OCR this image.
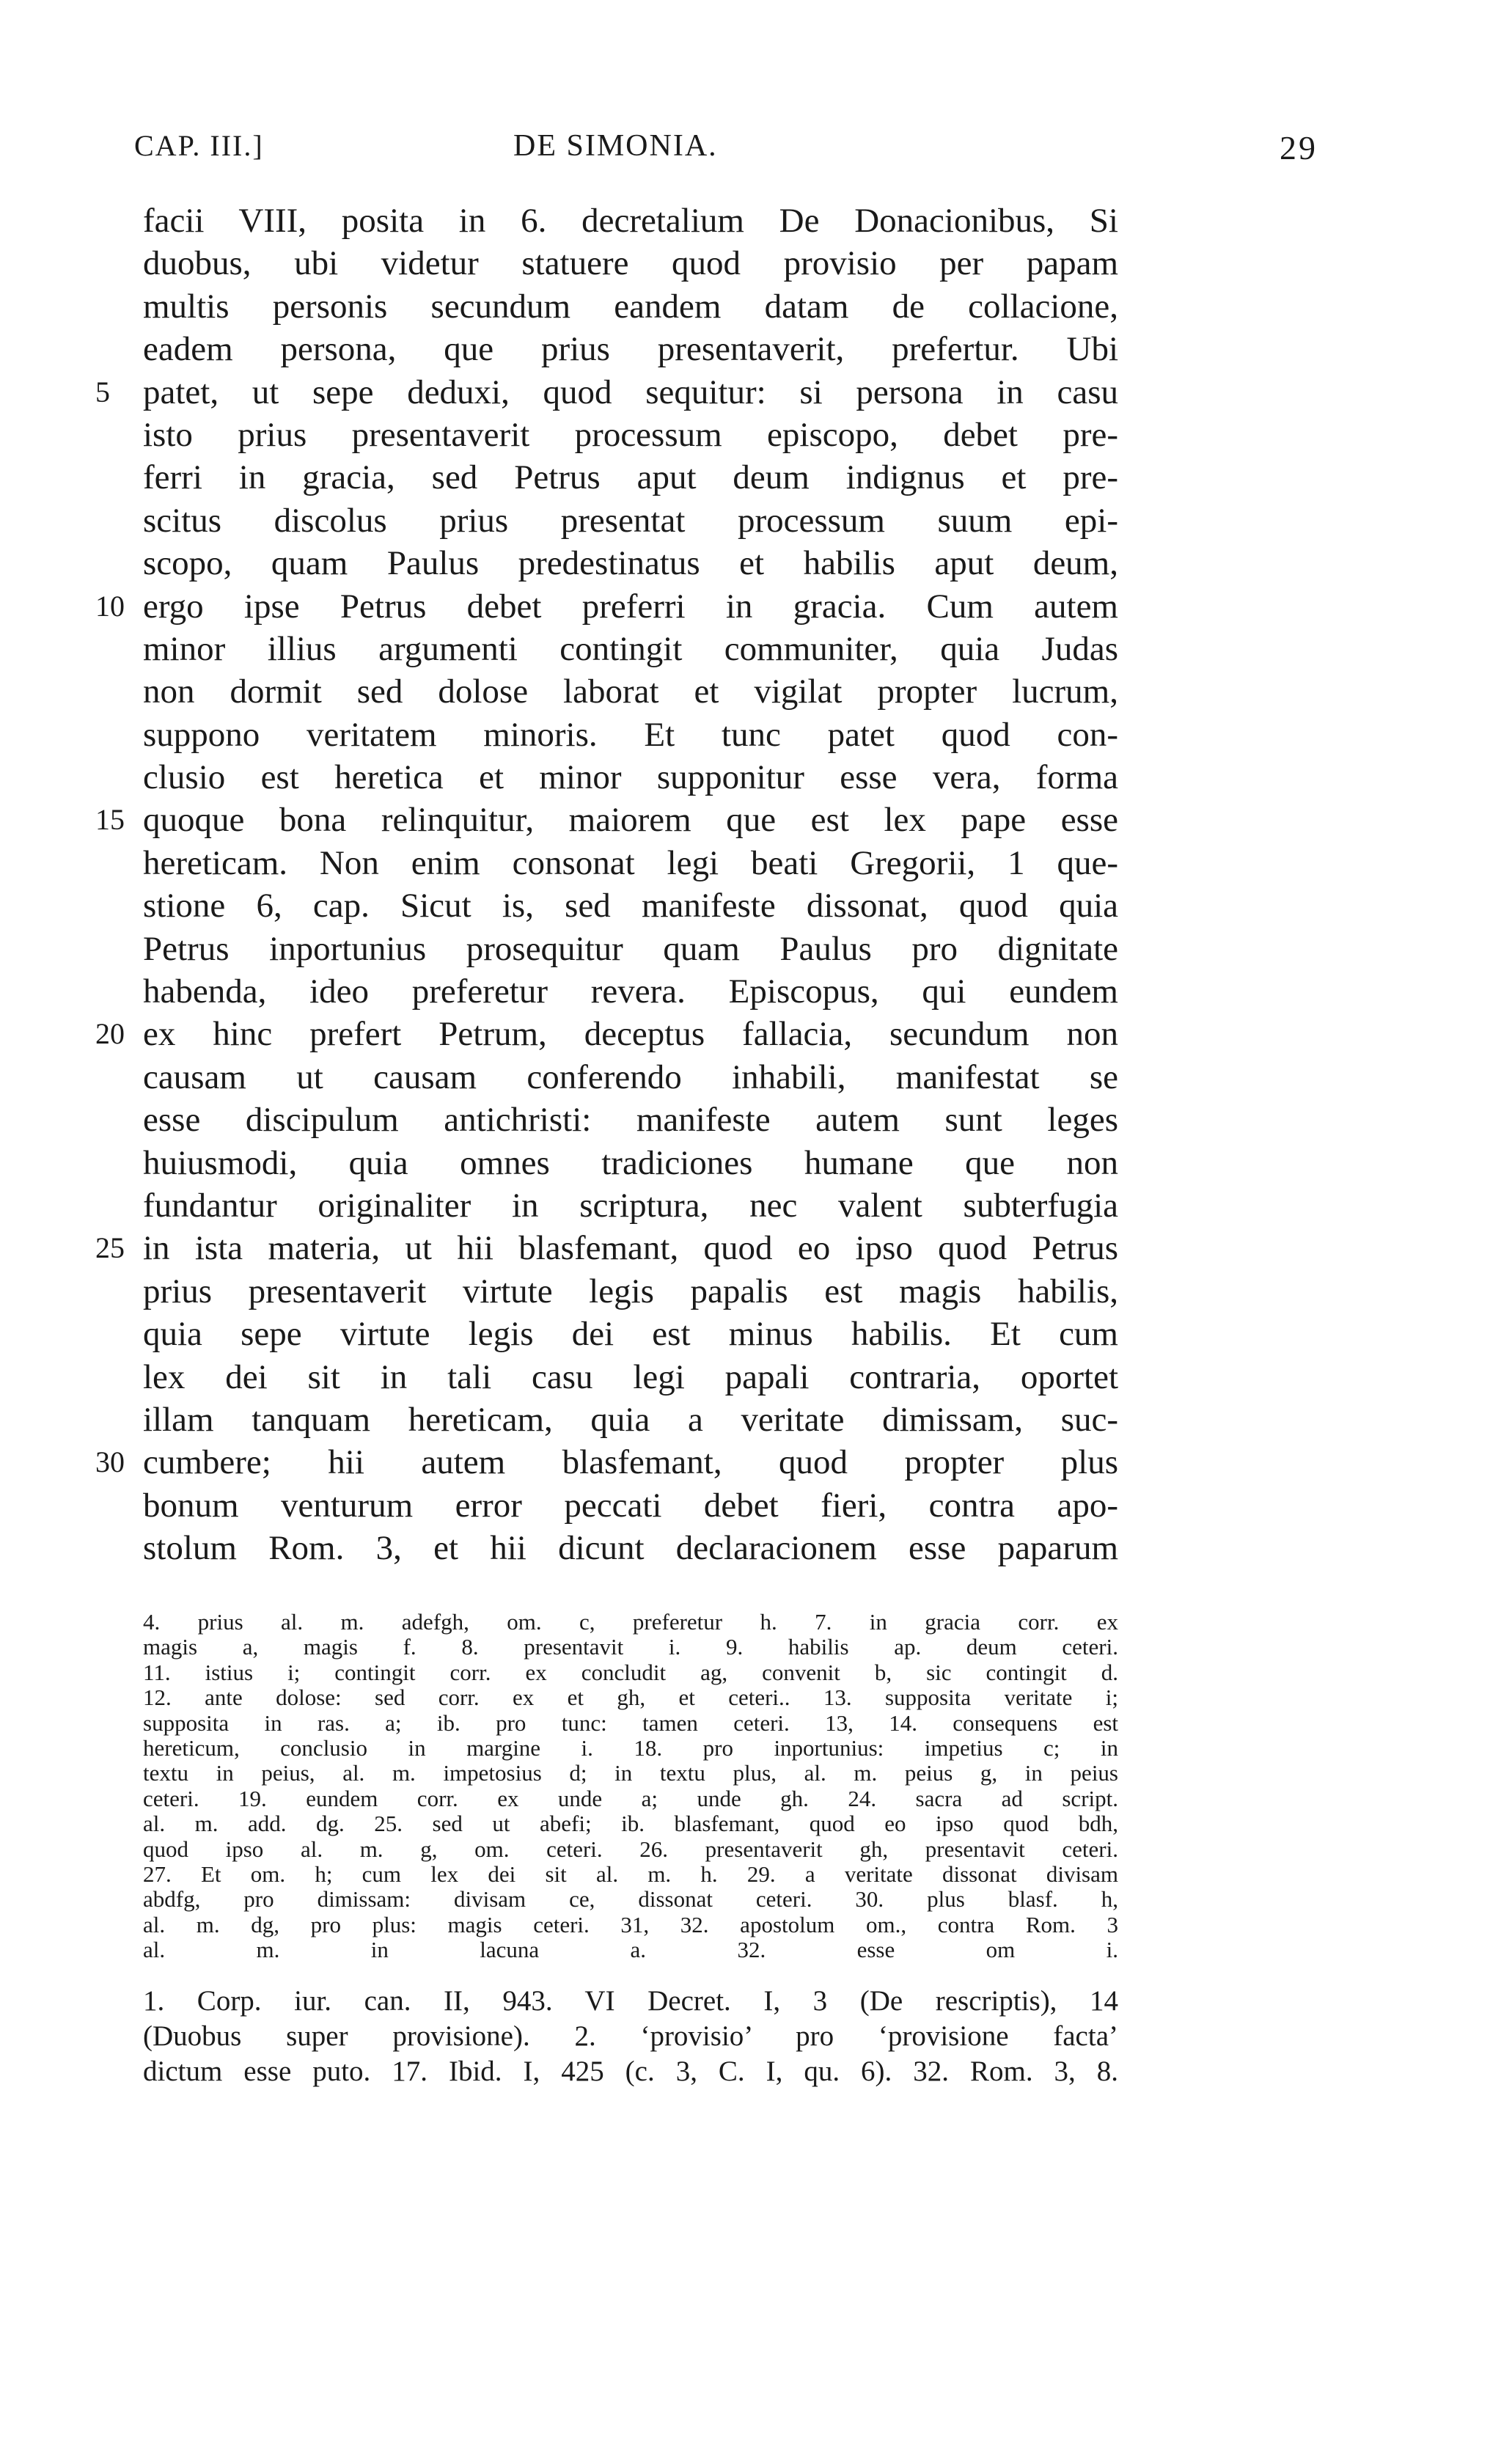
CAP. III.]	DE SIMONIA.	29
facii VIII, posita in 6. decretalium De Donacionibus, Si
duobus, ubi videtur statuere quod provisio per papam
multis personis secundum eandem datam de collacione,
eadem persona, que prius presentaverit, prefertur. Ubi
5 patet, ut sepe deduxi, quod sequitur: si persona in casu
isto prius presentaverit processum episcopo, debet pre-
ferri in gracia, sed Petrus aput deum indignus et pre-
scitus discolus prius presentat processum suum epi-
scopo, quam Paulus predestinatus et habilis aput deum,
10 ergo ipse Petrus debet preferri in gracia. Cum autem
minor illius argumenti contingit communiter, quia Judas
non dormit sed dolose laborat et vigilat propter lucrum,
suppono veritatem minoris. Et tunc patet quod con-
clusio est heretica et minor supponitur esse vera, forma
15 quoque bona relinquitur, maiorem que est lex pape esse
hereticam. Non enim consonat legi beati Gregorii, 1 que-
stione 6, cap. Sicut is, sed manifeste dissonat, quod quia
Petrus inportunius prosequitur quam Paulus pro dignitate
habenda, ideo preferetur revera. Episcopus, qui eundem
20 ex hinc prefert Petrum, deceptus fallacia, secundum non
causam ut causam conferendo inhabili, manifestat se
esse discipulum antichristi: manifeste autem sunt leges
huiusmodi, quia omnes tradiciones humane que non
fundantur originaliter in scriptura, nec valent subterfugia
25 in ista materia, ut hii blasfemant, quod eo ipso quod Petrus
prius presentaverit virtute legis papalis est magis habilis,
quia sepe virtute legis dei est minus habilis. Et cum
lex dei sit in tali casu legi papali contraria, oportet
illam tanquam hereticam, quia a veritate dimissam, suc-
30 cumbere; hii autem blasfemant, quod propter plus
bonum venturum error peccati debet fieri, contra apo-
stolum Rom. 3, et hii dicunt declaracionem esse paparum
4. prius al. m. adefgh, om. c, preferetur h. 7. in gracia corr. ex
magis a, magis f. 8. presentavit i. 9. habilis ap. deum ceteri.
11. istius i; contingit corr. ex concludit ag, convenit b, sic contingit d.
12. ante dolose: sed corr. ex et gh, et ceteri.. 13. supposita veritate i;
supposita in ras. a; ib. pro tunc: tamen ceteri. 13, 14. consequens est
hereticum, conclusio in margine i. 18. pro inportunius: impetius c; in
textu in peius, al. m. impetosius d; in textu plus, al. m. peius g, in peius
ceteri. 19. eundem corr. ex unde a; unde gh. 24. sacra ad script.
al. m. add. dg. 25. sed ut abefi; ib. blasfemant, quod eo ipso quod bdh,
quod ipso al. m. g, om. ceteri. 26. presentaverit gh, presentavit ceteri.
27. Et om. h; cum lex dei sit al. m. h. 29. a veritate dissonat divisam
abdfg, pro dimissam: divisam ce, dissonat ceteri. 30. plus blasf. h,
al. m. dg, pro plus: magis ceteri. 31, 32. apostolum om., contra Rom. 3
al. m. in lacuna a. 32. esse om i.
1. Corp. iur. can. II, 943. VI Decret. I, 3 (De rescriptis), 14
(Duobus super provisione). 2. ‘provisio’ pro ‘provisione facta’
dictum esse puto. 17. Ibid. I, 425 (c. 3, C. I, qu. 6). 32. Rom. 3, 8.
